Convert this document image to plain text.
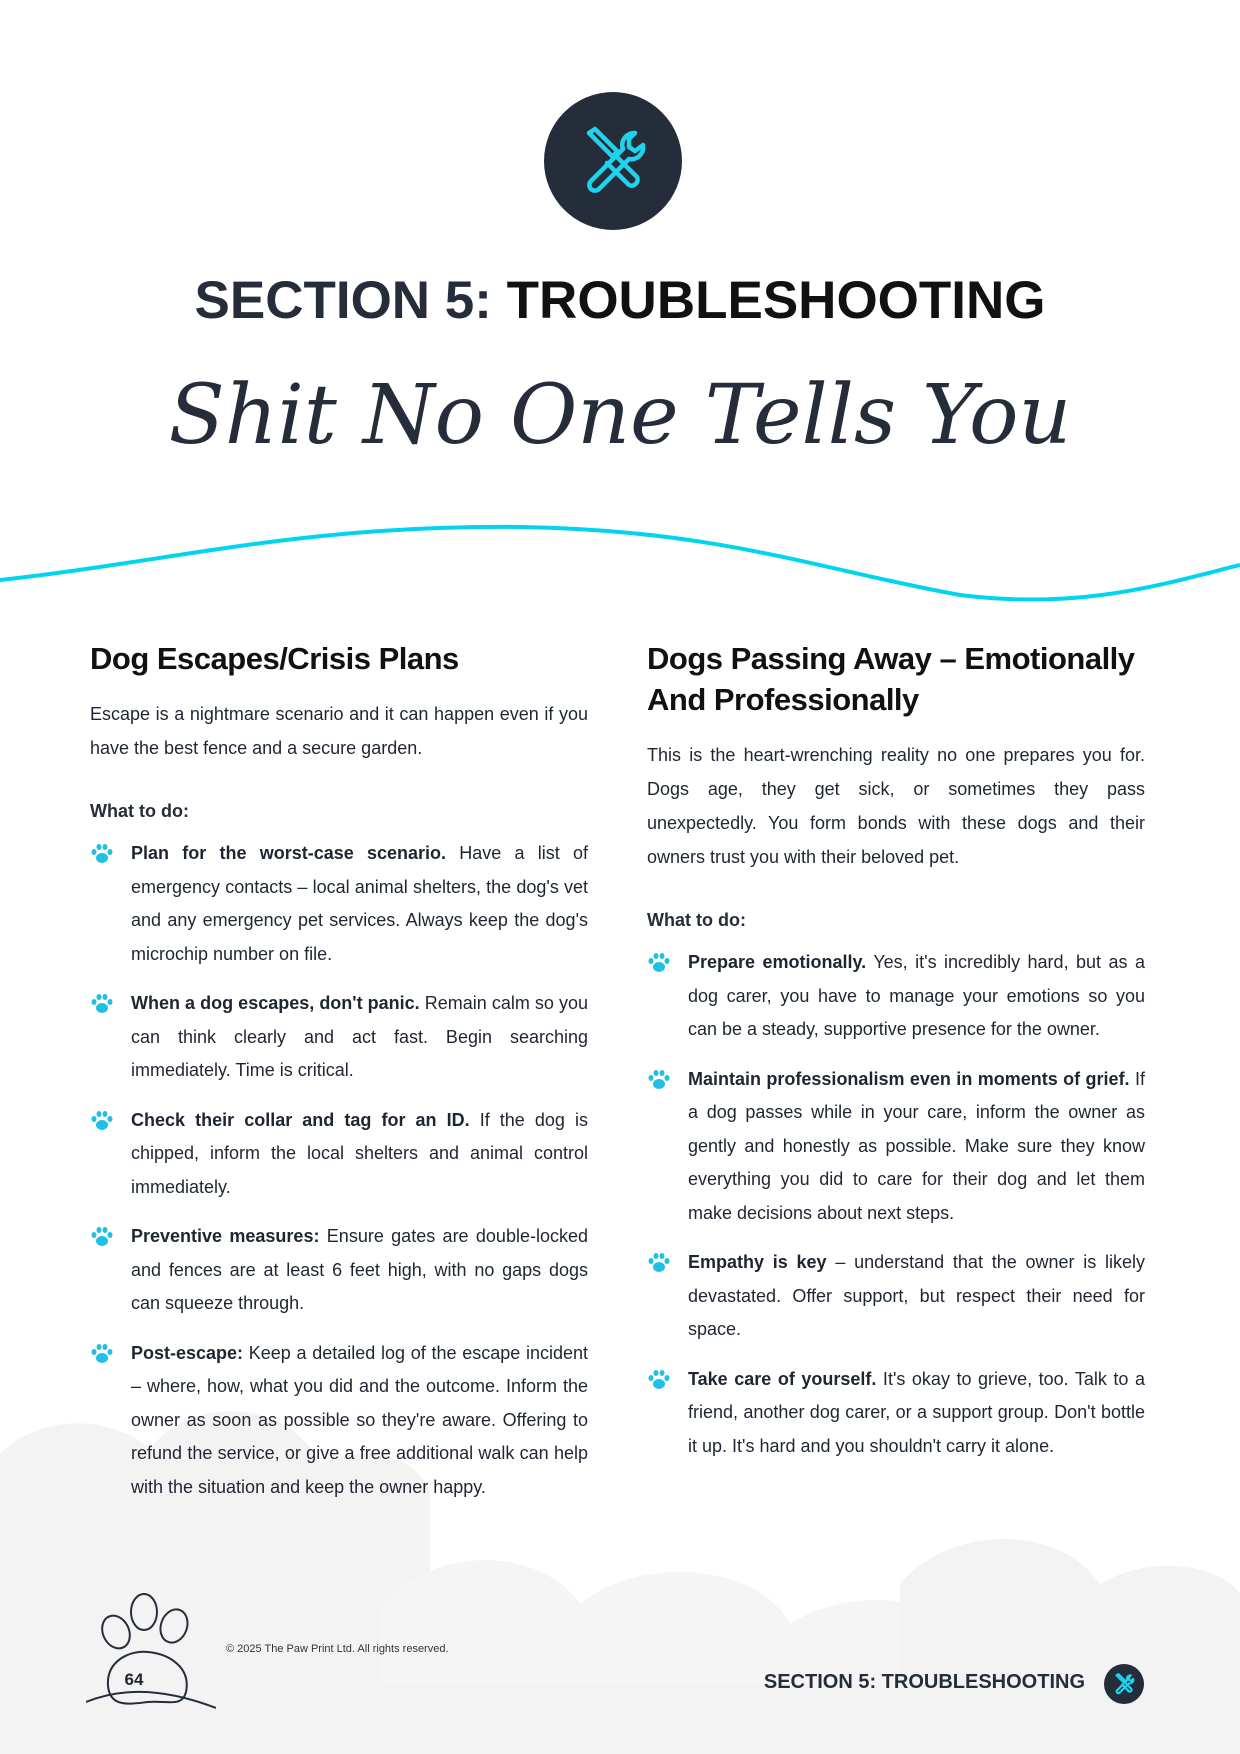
SECTION 5: TROUBLESHOOTING
Shit No One Tells You
Dog Escapes/Crisis Plans

Escape is a nightmare scenario and it can happen even if you have the best fence and a secure garden.

What to do:
Plan for the worst-case scenario. Have a list of emergency contacts – local animal shelters, the dog's vet and any emergency pet services. Always keep the dog's microchip number on file.
When a dog escapes, don't panic. Remain calm so you can think clearly and act fast. Begin searching immediately. Time is critical.
Check their collar and tag for an ID. If the dog is chipped, inform the local shelters and animal control immediately.
Preventive measures: Ensure gates are double-locked and fences are at least 6 feet high, with no gaps dogs can squeeze through.
Post-escape: Keep a detailed log of the escape incident – where, how, what you did and the outcome. Inform the owner as soon as possible so they're aware. Offering to refund the service, or give a free additional walk can help with the situation and keep the owner happy.
Dogs Passing Away – Emotionally And Professionally

This is the heart-wrenching reality no one prepares you for. Dogs age, they get sick, or sometimes they pass unexpectedly. You form bonds with these dogs and their owners trust you with their beloved pet.

What to do:
Prepare emotionally. Yes, it's incredibly hard, but as a dog carer, you have to manage your emotions so you can be a steady, supportive presence for the owner.
Maintain professionalism even in moments of grief. If a dog passes while in your care, inform the owner as gently and honestly as possible. Make sure they know everything you did to care for their dog and let them make decisions about next steps.
Empathy is key – understand that the owner is likely devastated. Offer support, but respect their need for space.
Take care of yourself. It's okay to grieve, too. Talk to a friend, another dog carer, or a support group. Don't bottle it up. It's hard and you shouldn't carry it alone.
64
© 2025 The Paw Print Ltd. All rights reserved.
SECTION 5: TROUBLESHOOTING
